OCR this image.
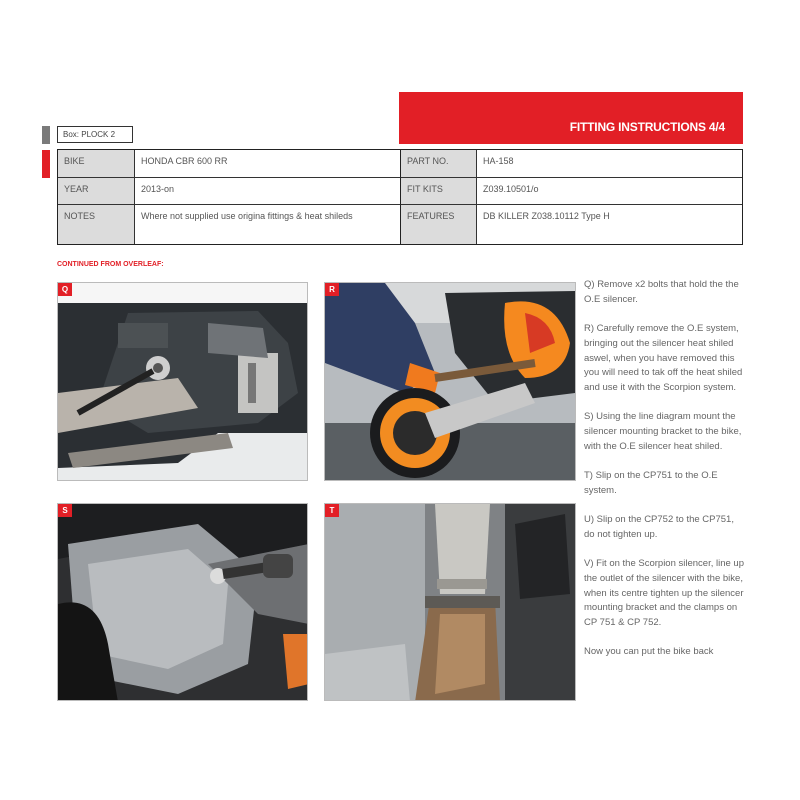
FITTING INSTRUCTIONS 4/4
Box: PLOCK 2
BIKE	HONDA CBR 600 RR	PART NO.	HA-158
YEAR	2013-on	FIT KITS	Z039.10501/o
NOTES	Where not supplied use origina fittings & heat shileds	FEATURES	DB KILLER Z038.10112 Type H
CONTINUED FROM OVERLEAF:
Q	R
S	T

Q) Remove x2 bolts that hold the the O.E silencer.

R) Carefully remove the O.E system, bringing out the silencer heat shiled aswel, when you have removed this you will need to tak off the heat shiled and use it with the Scorpion system.

S) Using the line diagram mount the silencer mounting bracket to the bike, with the O.E silencer heat shiled.

T) Slip on the CP751 to the O.E system.

U) Slip on the CP752 to the CP751, do not tighten up.

V) Fit on the Scorpion silencer, line up the outlet of the silencer with the bike, when its centre tighten up the silencer mounting bracket and the clamps on CP 751 & CP 752.

Now you can put the bike back
